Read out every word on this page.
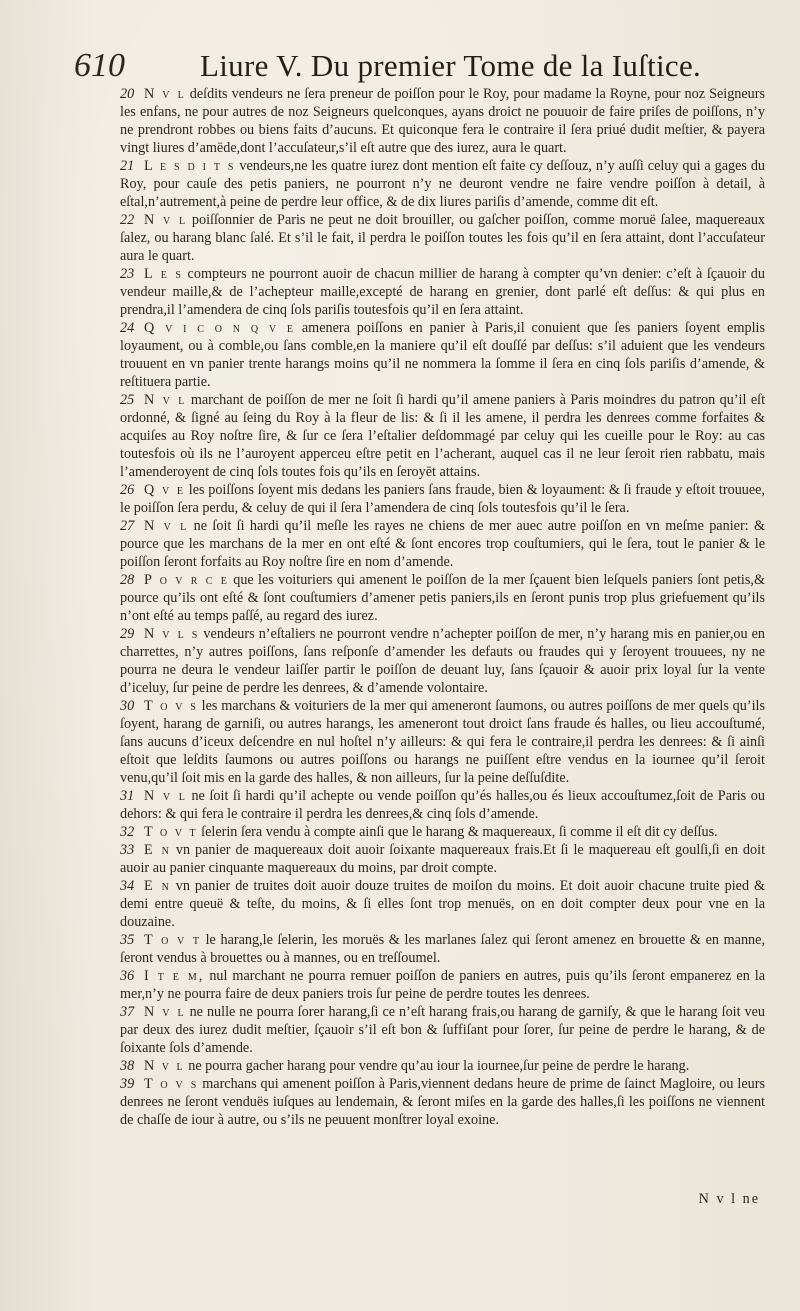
610 Liure V. Du premier Tome de la Iuſtice.

20 N v l deſdits vendeurs ne ſera preneur de poiſſon pour le Roy, pour madame la Royne, pour noz Seigneurs les enfans, ne pour autres de noz Seigneurs quelconques, ayans droict ne pouuoir de faire priſes de poiſſons, n’y ne prendront robbes ou biens faits d’aucuns. Et quiconque fera le contraire il ſera priué dudit meſtier, & payera vingt liures d’amēde,dont l’accuſateur,s’il eſt autre que des iurez, aura le quart.

21 L e s d i t s vendeurs,ne les quatre iurez dont mention eſt faite cy deſſouz, n’y auſſi celuy qui a gages du Roy, pour cauſe des petis paniers, ne pourront n’y ne deuront vendre ne faire vendre poiſſon à detail, à eſtal,n’autrement,à peine de perdre leur office, & de dix liures pariſis d’amende, comme dit eſt.

22 N v l poiſſonnier de Paris ne peut ne doit brouiller, ou gaſcher poiſſon, comme moruë ſalee, maquereaux ſalez, ou harang blanc ſalé. Et s’il le fait, il perdra le poiſſon toutes les fois qu’il en ſera attaint, dont l’accuſateur aura le quart.

23 L e s compteurs ne pourront auoir de chacun millier de harang à compter qu’vn denier: c’eſt à ſçauoir du vendeur maille,& de l’achepteur maille,excepté de harang en grenier, dont parlé eſt deſſus: & qui plus en prendra,il l’amendera de cinq ſols pariſis toutesfois qu’il en ſera attaint.

24 Q v i c o n q v e amenera poiſſons en panier à Paris,il conuient que ſes paniers ſoyent emplis loyaument, ou à comble,ou ſans comble,en la maniere qu’il eſt douſſé par deſſus: s’il aduient que les vendeurs trouuent en vn panier trente harangs moins qu’il ne nommera la ſomme il ſera en cinq ſols pariſis d’amende, & reſtituera partie.

25 N v l marchant de poiſſon de mer ne ſoit ſi hardi qu’il amene paniers à Paris moindres du patron qu’il eſt ordonné, & ſigné au ſeing du Roy à la fleur de lis: & ſi il les amene, il perdra les denrees comme forfaites & acquiſes au Roy noſtre ſire, & ſur ce ſera l’eſtalier deſdommagé par celuy qui les cueille pour le Roy: au cas toutesfois où ils ne l’auroyent apperceu eſtre petit en l’acherant, auquel cas il ne leur ſeroit rien rabbatu, mais l’amenderoyent de cinq ſols toutes fois qu’ils en ſeroyēt attains.

26 Q v e les poiſſons ſoyent mis dedans les paniers ſans fraude, bien & loyaument: & ſi fraude y eſtoit trouuee, le poiſſon ſera perdu, & celuy de qui il ſera l’amendera de cinq ſols toutesfois qu’il le ſera.

27 N v l ne ſoit ſi hardi qu’il meſle les rayes ne chiens de mer auec autre poiſſon en vn meſme panier: & pource que les marchans de la mer en ont eſté & ſont encores trop couſtumiers, qui le ſera, tout le panier & le poiſſon ſeront forfaits au Roy noſtre ſire en nom d’amende.

28 P o v r c e que les voituriers qui amenent le poiſſon de la mer ſçauent bien leſquels paniers ſont petis,& pource qu’ils ont eſté & ſont couſtumiers d’amener petis paniers,ils en ſeront punis trop plus griefuement qu’ils n’ont eſté au temps paſſé, au regard des iurez.

29 N v l s vendeurs n’eſtaliers ne pourront vendre n’achepter poiſſon de mer, n’y harang mis en panier,ou en charrettes, n’y autres poiſſons, ſans reſponſe d’amender les defauts ou fraudes qui y ſeroyent trouuees, ny ne pourra ne deura le vendeur laiſſer partir le poiſſon de deuant luy, ſans ſçauoir & auoir prix loyal ſur la vente d’iceluy, ſur peine de perdre les denrees, & d’amende volontaire.

30 T o v s les marchans & voituriers de la mer qui ameneront ſaumons, ou autres poiſſons de mer quels qu’ils ſoyent, harang de garniſi, ou autres harangs, les ameneront tout droict ſans fraude és halles, ou lieu accouſtumé, ſans aucuns d’iceux deſcendre en nul hoſtel n’y ailleurs: & qui fera le contraire,il perdra les denrees: & ſi ainſi eſtoit que leſdits ſaumons ou autres poiſſons ou harangs ne puiſſent eſtre vendus en la iournee qu’il ſeroit venu,qu’il ſoit mis en la garde des halles, & non ailleurs, ſur la peine deſſuſdite.

31 N v l ne ſoit ſi hardi qu’il achepte ou vende poiſſon qu’és halles,ou és lieux accouſtumez,ſoit de Paris ou dehors: & qui fera le contraire il perdra les denrees,& cinq ſols d’amende.

32 T o v t ſelerin ſera vendu à compte ainſi que le harang & maquereaux, ſi comme il eſt dit cy deſſus.

33 E n vn panier de maquereaux doit auoir ſoixante maquereaux frais.Et ſi le maquereau eſt goulſi,ſi en doit auoir au panier cinquante maquereaux du moins, par droit compte.

34 E n vn panier de truites doit auoir douze truites de moiſon du moins. Et doit auoir chacune truite pied & demi entre queuë & teſte, du moins, & ſi elles ſont trop menuës, on en doit compter deux pour vne en la douzaine.

35 T o v t le harang,le ſelerin, les moruës & les marlanes ſalez qui ſeront amenez en brouette & en manne, ſeront vendus à brouettes ou à mannes, ou en treſſoumel.

36 I t e m, nul marchant ne pourra remuer poiſſon de paniers en autres, puis qu’ils ſeront empanerez en la mer,n’y ne pourra faire de deux paniers trois ſur peine de perdre toutes les denrees.

37 N v l ne nulle ne pourra ſorer harang,ſi ce n’eſt harang frais,ou harang de garniſy, & que le harang ſoit veu par deux des iurez dudit meſtier, ſçauoir s’il eſt bon & ſuffiſant pour ſorer, ſur peine de perdre le harang, & de ſoixante ſols d’amende.

38 N v l ne pourra gacher harang pour vendre qu’au iour la iournee,ſur peine de perdre le harang.

39 T o v s marchans qui amenent poiſſon à Paris,viennent dedans heure de prime de ſainct Magloire, ou leurs denrees ne ſeront venduës iuſques au lendemain, & ſeront miſes en la garde des halles,ſi les poiſſons ne viennent de chaſſe de iour à autre, ou s’ils ne peuuent monſtrer loyal exoine.

N v l ne
